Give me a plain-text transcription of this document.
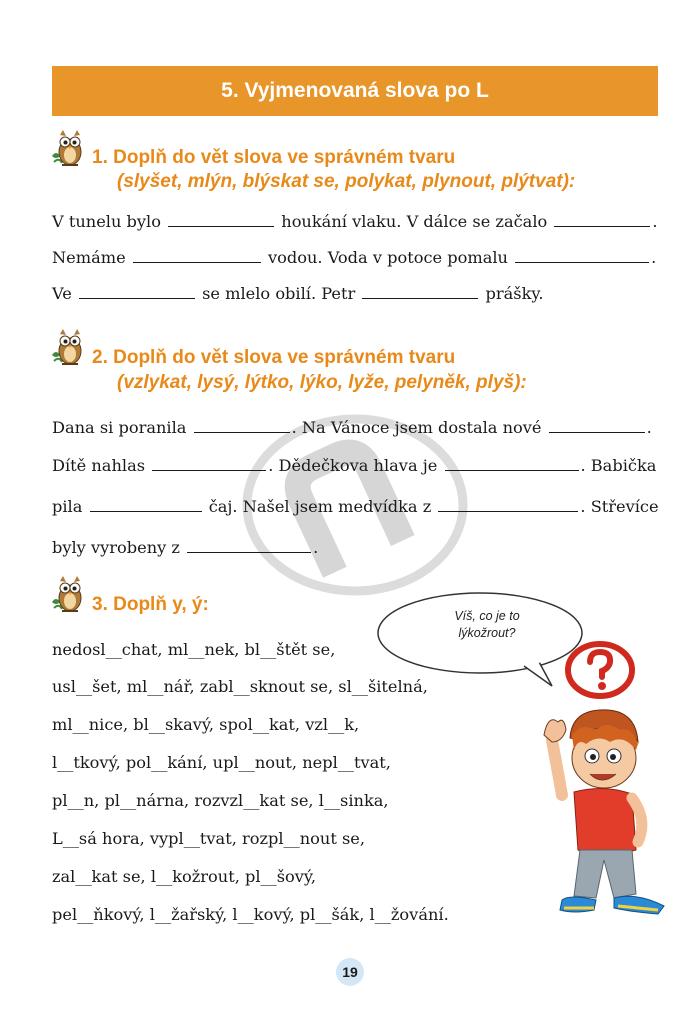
5. Vyjmenovaná slova po L
1. Doplň do vět slova ve správném tvaru
(slyšet, mlýn, blýskat se, polykat, plynout, plýtvat):
V tunelu bylo	houkání vlaku. V dálce se začalo	.
Nemáme	vodou. Voda v potoce pomalu	.
Ve	se mlelo obilí. Petr	prášky.
2. Doplň do vět slova ve správném tvaru
(vzlykat, lysý, lýtko, lýko, lyže, pelyněk, plyš):
Dana si poranila	. Na Vánoce jsem dostala nové	.
Dítě nahlas	. Dědečkova hlava je	. Babička
pila	čaj. Našel jsem medvídka z	. Střevíce
byly vyrobeny z	.
3. Doplň y, ý:
nedosl__chat, ml__nek, bl__štět se,
usl__šet, ml__nář, zabl__sknout se, sl__šitelná,
ml__nice, bl__skavý, spol__kat, vzl__k,
l__tkový, pol__kání, upl__nout, nepl__tvat,
pl__n, pl__nárna, rozvzl__kat se, l__sinka,
L__sá hora, vypl__tvat, rozpl__nout se,
zal__kat se, l__kožrout, pl__šový,
pel__ňkový, l__žařský, l__kový, pl__šák, l__žování.
Víš, co je to
lýkožrout?
19
